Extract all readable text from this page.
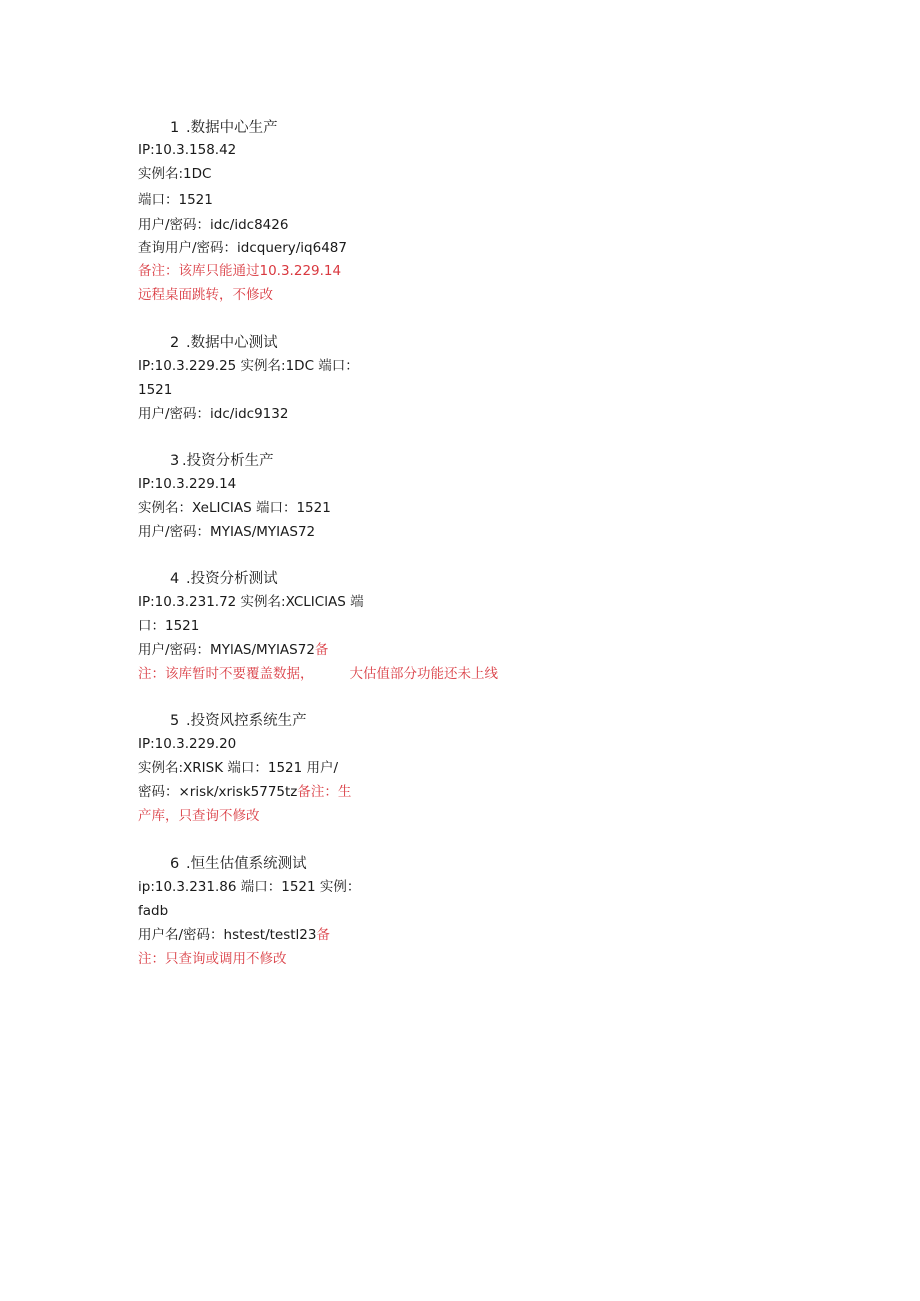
1 .数据中心生产
IP:10.3.158.42
实例名:1DC
端口：1521
用户/密码：idc/idc8426
查询用户/密码：idcquery/iq6487
备注：该库只能通过10.3.229.14
远程桌面跳转，不修改
2 .数据中心测试
IP:10.3.229.25 实例名:1DC 端口：
1521
用户/密码：idc/idc9132
3 .投资分析生产
IP:10.3.229.14
实例名：XeLICIAS 端口：1521
用户/密码：MYIAS/MYIAS72
4 .投资分析测试
IP:10.3.231.72 实例名:XCLIClAS 端
口：1521
用户/密码：MYlAS/MYIAS72备
注：该库暂时不要覆盖数据，	大估值部分功能还未上线
5 .投资风控系统生产
IP:10.3.229.20
实例名:XRISK 端口：1521 用户/
密码：×risk/xrisk5775tz备注：生
产库，只查询不修改
6 .恒生估值系统测试
ip:10.3.231.86 端口：1521 实例：
fadb
用户名/密码：hstest/testl23备
注：只查询或调用不修改
